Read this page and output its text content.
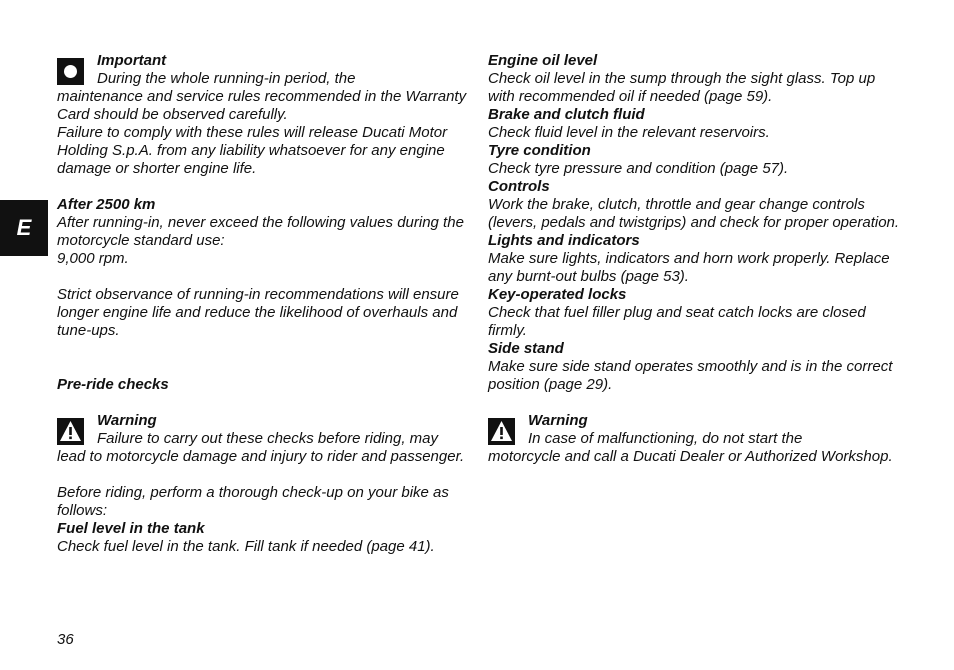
E

Important

During the whole running-in period, the

maintenance and service rules recommended in the Warranty Card should be observed carefully.

Failure to comply with these rules will release Ducati Motor Holding S.p.A. from any liability whatsoever for any engine damage or shorter engine life.

After 2500 km

After running-in, never exceed the following values during the motorcycle standard use:

9,000 rpm.

Strict observance of running-in recommendations will ensure longer engine life and reduce the likelihood of overhauls and tune-ups.

Pre-ride checks

Warning

Failure to carry out these checks before riding, may

lead to motorcycle damage and injury to rider and passenger.

Before riding, perform a thorough check-up on your bike as follows:

Fuel level in the tank

Check fuel level in the tank. Fill tank if needed (page 41).

Engine oil level

Check oil level in the sump through the sight glass. Top up with recommended oil if needed (page 59).

Brake and clutch fluid

Check fluid level in the relevant reservoirs.

Tyre condition

Check tyre pressure and condition (page 57).

Controls

Work the brake, clutch, throttle and gear change controls (levers, pedals and twistgrips) and check for proper operation.

Lights and indicators

Make sure lights, indicators and horn work properly. Replace any burnt-out bulbs (page 53).

Key-operated locks

Check that fuel filler plug and seat catch locks are closed firmly.

Side stand

Make sure side stand operates smoothly and is in the correct position (page 29).

Warning

In case of malfunctioning, do not start the

motorcycle and call a Ducati Dealer or Authorized Workshop.

36
